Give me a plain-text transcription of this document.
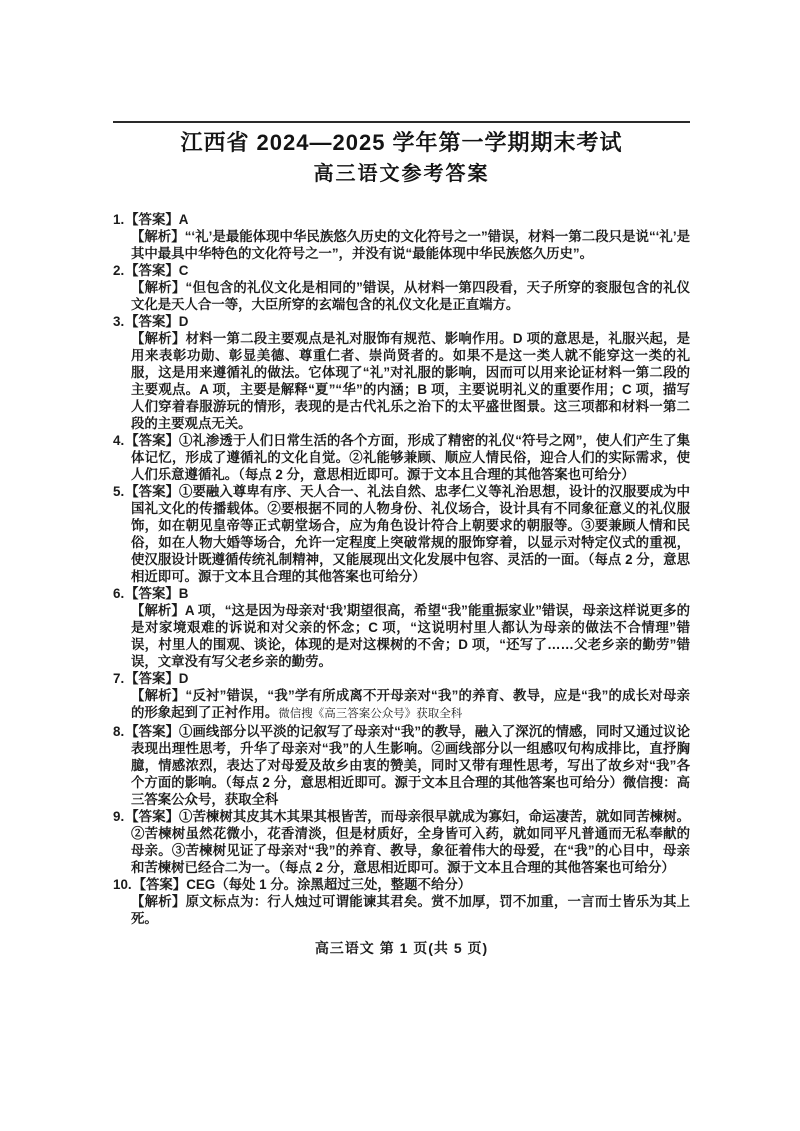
江西省 2024—2025 学年第一学期期末考试
高三语文参考答案

1.【答案】A

【解析】“‘礼’是最能体现中华民族悠久历史的文化符号之一”错误，材料一第二段只是说“‘礼’是其中最具中华特色的文化符号之一”，并没有说“最能体现中华民族悠久历史”。

2.【答案】C

【解析】“但包含的礼仪文化是相同的”错误，从材料一第四段看，天子所穿的衮服包含的礼仪文化是天人合一等，大臣所穿的玄端包含的礼仪文化是正直端方。

3.【答案】D

【解析】材料一第二段主要观点是礼对服饰有规范、影响作用。D 项的意思是，礼服兴起，是用来表彰功勋、彰显美德、尊重仁者、崇尚贤者的。如果不是这一类人就不能穿这一类的礼服，这是用来遵循礼的做法。它体现了“礼”对礼服的影响，因而可以用来论证材料一第二段的主要观点。A 项，主要是解释“夏”“华”的内涵；B 项，主要说明礼义的重要作用；C 项，描写人们穿着春服游玩的情形，表现的是古代礼乐之治下的太平盛世图景。这三项都和材料一第二段的主要观点无关。

4.【答案】①礼渗透于人们日常生活的各个方面，形成了精密的礼仪“符号之网”，使人们产生了集体记忆，形成了遵循礼的文化自觉。②礼能够兼顾、顺应人情民俗，迎合人们的实际需求，使人们乐意遵循礼。（每点 2 分，意思相近即可。源于文本且合理的其他答案也可给分）

5.【答案】①要融入尊卑有序、天人合一、礼法自然、忠孝仁义等礼治思想，设计的汉服要成为中国礼文化的传播载体。②要根据不同的人物身份、礼仪场合，设计具有不同象征意义的礼仪服饰，如在朝见皇帝等正式朝堂场合，应为角色设计符合上朝要求的朝服等。③要兼顾人情和民俗，如在人物大婚等场合，允许一定程度上突破常规的服饰穿着，以显示对特定仪式的重视，使汉服设计既遵循传统礼制精神，又能展现出文化发展中包容、灵活的一面。（每点 2 分，意思相近即可。源于文本且合理的其他答案也可给分）

6.【答案】B

【解析】A 项，“这是因为母亲对‘我’期望很高，希望“我”能重振家业”错误，母亲这样说更多的是对家境艰难的诉说和对父亲的怀念；C 项，“这说明村里人都认为母亲的做法不合情理”错误，村里人的围观、谈论，体现的是对这棵树的不舍；D 项，“还写了……父老乡亲的勤劳”错误，文章没有写父老乡亲的勤劳。

7.【答案】D

【解析】“反衬”错误，“我”学有所成离不开母亲对“我”的养育、教导，应是“我”的成长对母亲的形象起到了正衬作用。微信搜《高三答案公众号》获取全科

8.【答案】①画线部分以平淡的记叙写了母亲对“我”的教导，融入了深沉的情感，同时又通过议论表现出理性思考，升华了母亲对“我”的人生影响。②画线部分以一组感叹句构成排比，直抒胸臆，情感浓烈，表达了对母爱及故乡由衷的赞美，同时又带有理性思考，写出了故乡对“我”各个方面的影响。（每点 2 分，意思相近即可。源于文本且合理的其他答案也可给分）微信搜：高三答案公众号，获取全科

9.【答案】①苦楝树其皮其木其果其根皆苦，而母亲很早就成为寡妇，命运凄苦，就如同苦楝树。②苦楝树虽然花微小，花香清淡，但是材质好，全身皆可入药，就如同平凡普通而无私奉献的母亲。③苦楝树见证了母亲对“我”的养育、教导，象征着伟大的母爱，在“我”的心目中，母亲和苦楝树已经合二为一。（每点 2 分，意思相近即可。源于文本且合理的其他答案也可给分）

10.【答案】CEG（每处 1 分。涂黑超过三处，整题不给分）

【解析】原文标点为：行人烛过可谓能谏其君矣。赏不加厚，罚不加重，一言而士皆乐为其上死。

高三语文 第 1 页(共 5 页)
